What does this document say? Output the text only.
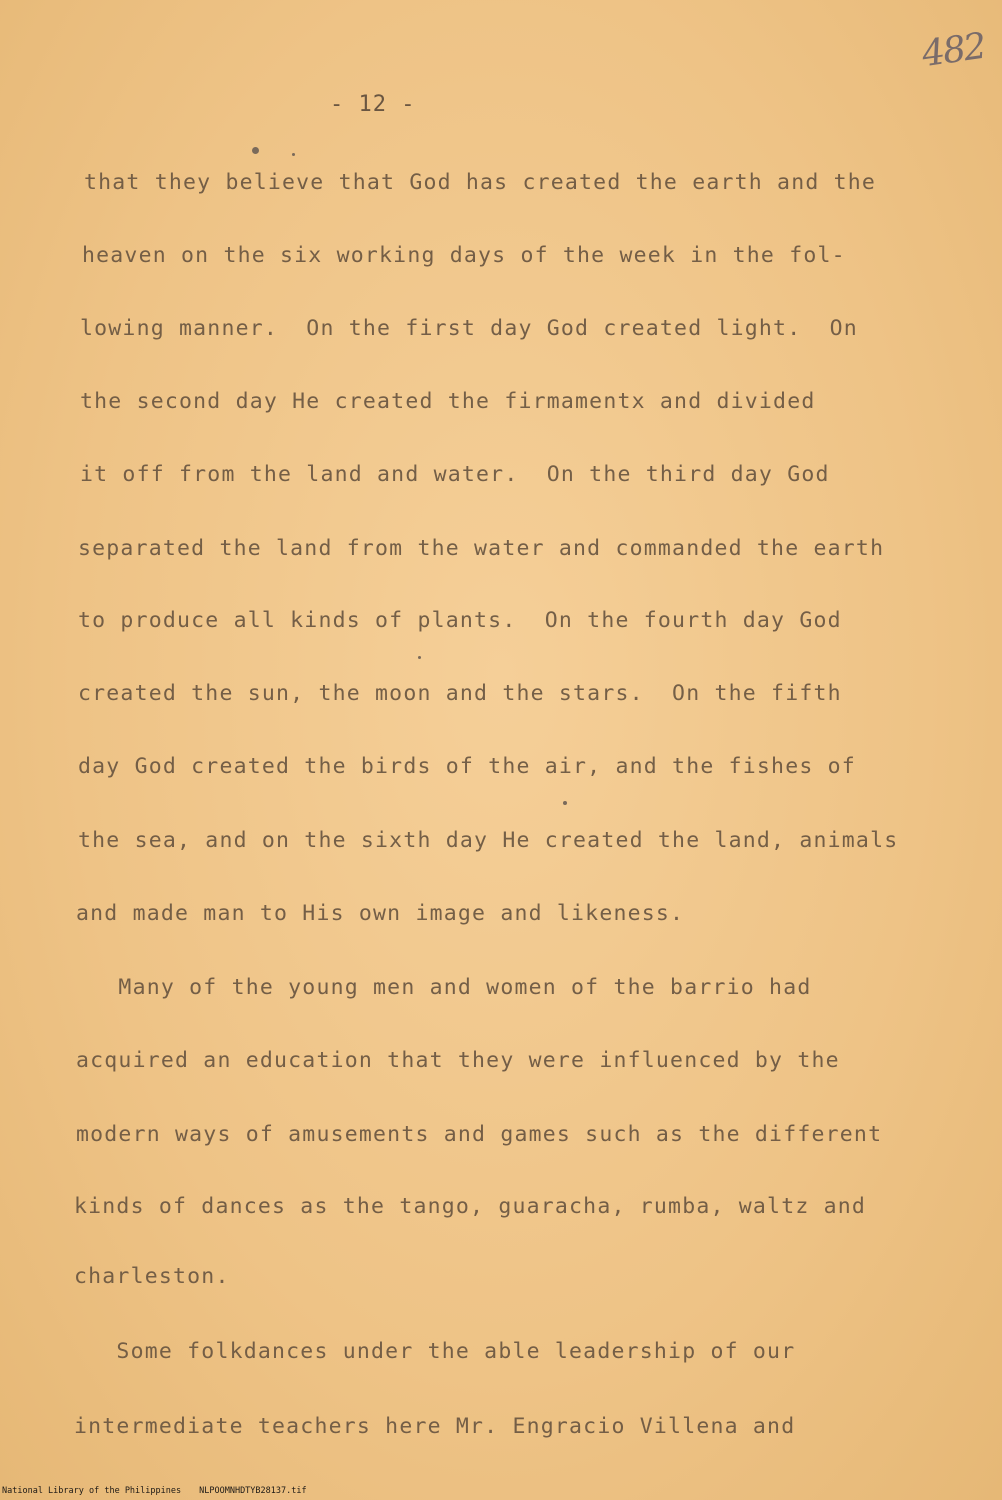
482
- 12 -
that they believe that God has created the earth and the
heaven on the six working days of the week in the fol-
lowing manner.  On the first day God created light.  On
the second day He created the firmamentx and divided
it off from the land and water.  On the third day God
separated the land from the water and commanded the earth
to produce all kinds of plants.  On the fourth day God
created the sun, the moon and the stars.  On the fifth
day God created the birds of the air, and the fishes of
the sea, and on the sixth day He created the land, animals
and made man to His own image and likeness.
Many of the young men and women of the barrio had
acquired an education that they were influenced by the
modern ways of amusements and games such as the different
kinds of dances as the tango, guaracha, rumba, waltz and
charleston.
Some folkdances under the able leadership of our
intermediate teachers here Mr. Engracio Villena and
National Library of the Philippines NLPOOMNHDTYB28137.tif
